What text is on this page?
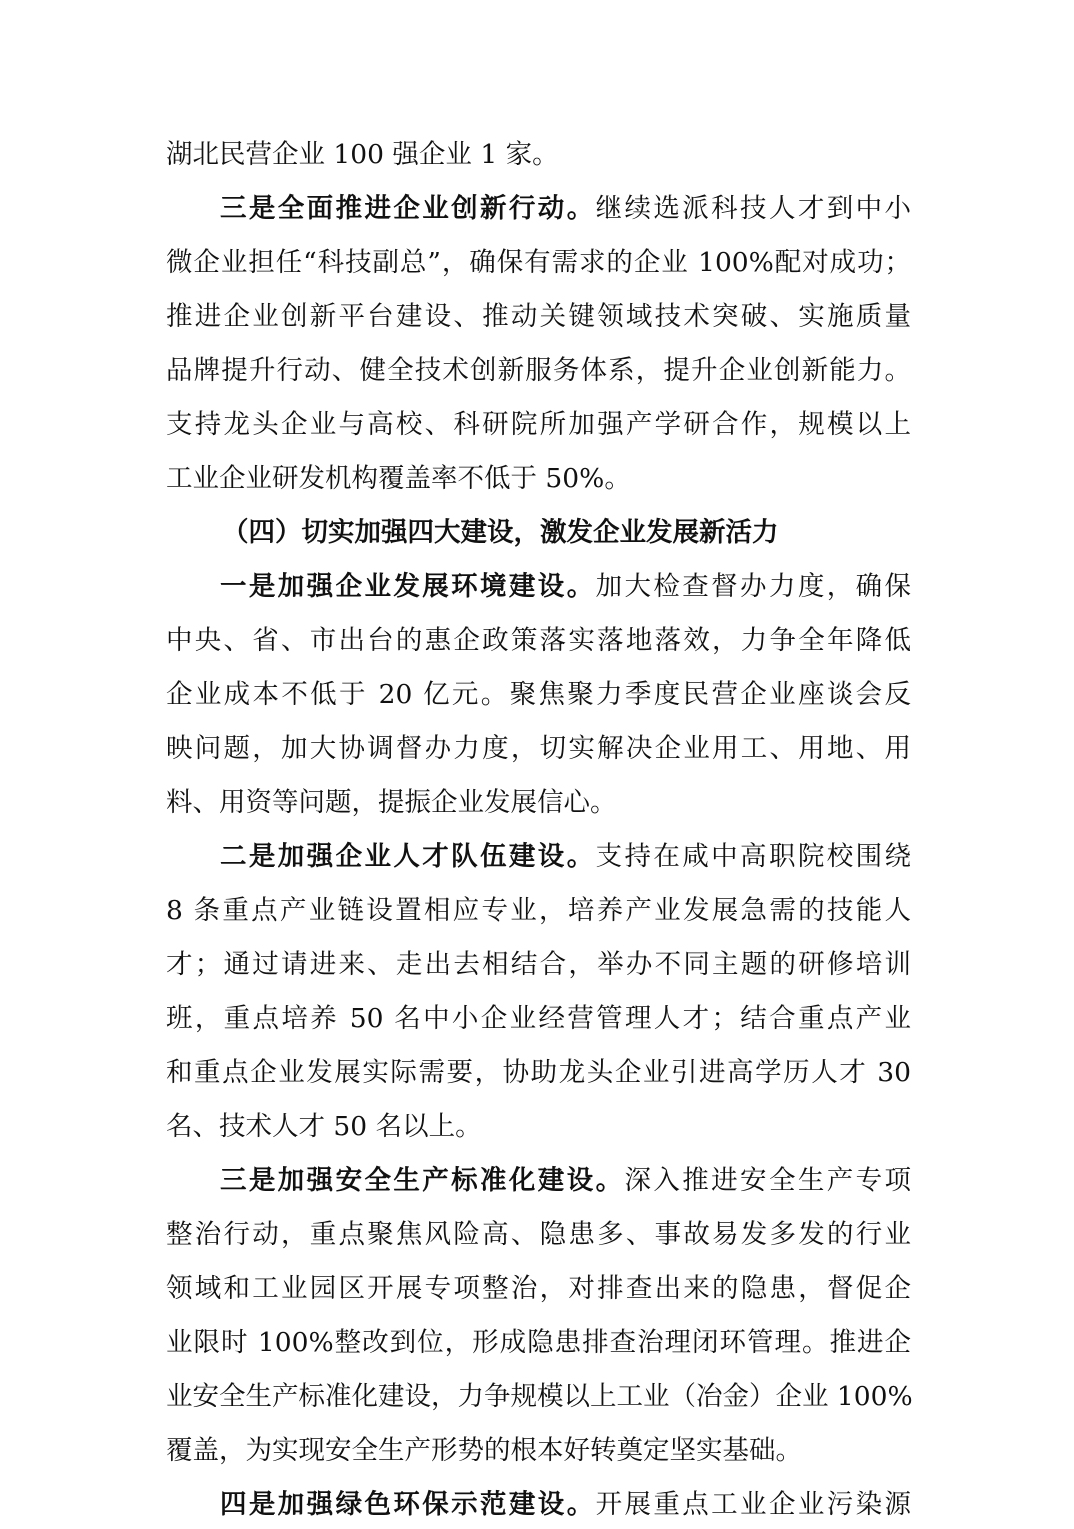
湖北民营企业 100 强企业 1 家。
三是全面推进企业创新行动。继续选派科技人才到中小
微企业担任“科技副总”，确保有需求的企业 100%配对成功；
推进企业创新平台建设、推动关键领域技术突破、实施质量
品牌提升行动、健全技术创新服务体系，提升企业创新能力。
支持龙头企业与高校、科研院所加强产学研合作，规模以上
工业企业研发机构覆盖率不低于 50%。
（四）切实加强四大建设，激发企业发展新活力
一是加强企业发展环境建设。加大检查督办力度，确保
中央、省、市出台的惠企政策落实落地落效，力争全年降低
企业成本不低于 20 亿元。聚焦聚力季度民营企业座谈会反
映问题，加大协调督办力度，切实解决企业用工、用地、用
料、用资等问题，提振企业发展信心。
二是加强企业人才队伍建设。支持在咸中高职院校围绕
8 条重点产业链设置相应专业，培养产业发展急需的技能人
才；通过请进来、走出去相结合，举办不同主题的研修培训
班，重点培养 50 名中小企业经营管理人才；结合重点产业
和重点企业发展实际需要，协助龙头企业引进高学历人才 30
名、技术人才 50 名以上。
三是加强安全生产标准化建设。深入推进安全生产专项
整治行动，重点聚焦风险高、隐患多、事故易发多发的行业
领域和工业园区开展专项整治，对排查出来的隐患，督促企
业限时 100%整改到位，形成隐患排查治理闭环管理。推进企
业安全生产标准化建设，力争规模以上工业（冶金）企业 100%
覆盖，为实现安全生产形势的根本好转奠定坚实基础。
四是加强绿色环保示范建设。开展重点工业企业污染源
